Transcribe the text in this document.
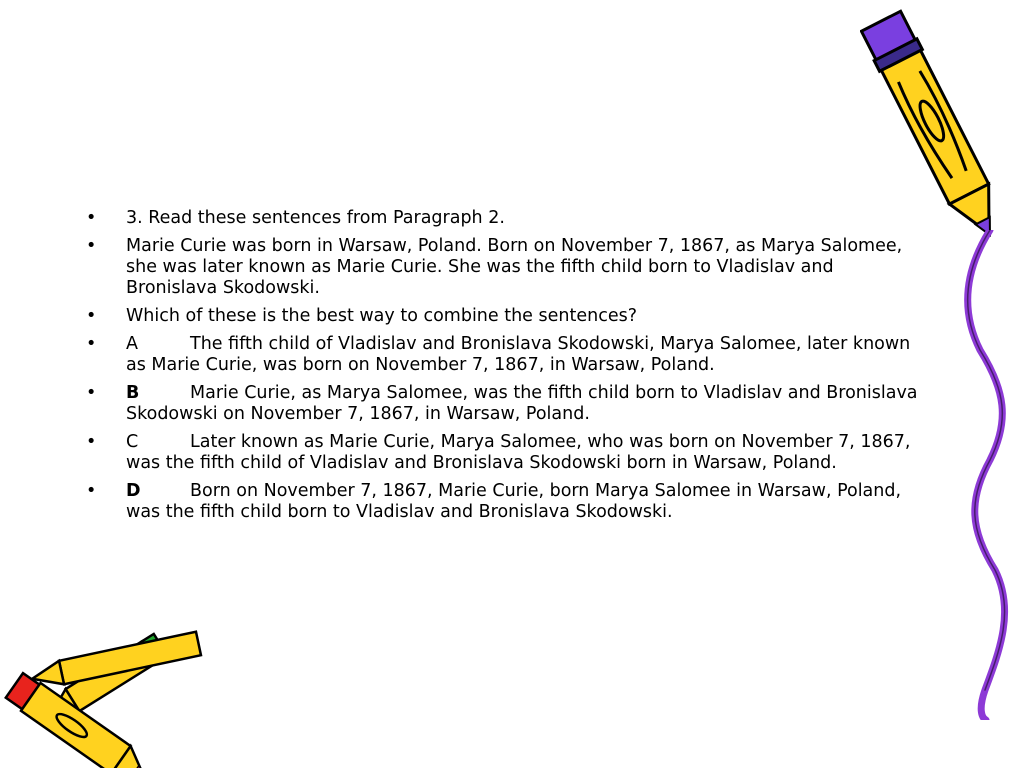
•	3. Read these sentences from Paragraph 2.
•	Marie Curie was born in Warsaw, Poland. Born on November 7, 1867, as Marya Salomee, she was later known as Marie Curie. She was the fifth child born to Vladislav and Bronislava Skodowski.
•	Which of these is the best way to combine the sentences?
•	A	The fifth child of Vladislav and Bronislava Skodowski, Marya Salomee, later known as Marie Curie, was born on November 7, 1867, in Warsaw, Poland.
•	B	Marie Curie, as Marya Salomee, was the fifth child born to Vladislav and Bronislava Skodowski on November 7, 1867, in Warsaw, Poland.
•	C	Later known as Marie Curie, Marya Salomee, who was born on November 7, 1867, was the fifth child of Vladislav and Bronislava Skodowski born in Warsaw, Poland.
•	D	Born on November 7, 1867, Marie Curie, born Marya Salomee in Warsaw, Poland, was the fifth child born to Vladislav and Bronislava Skodowski.
